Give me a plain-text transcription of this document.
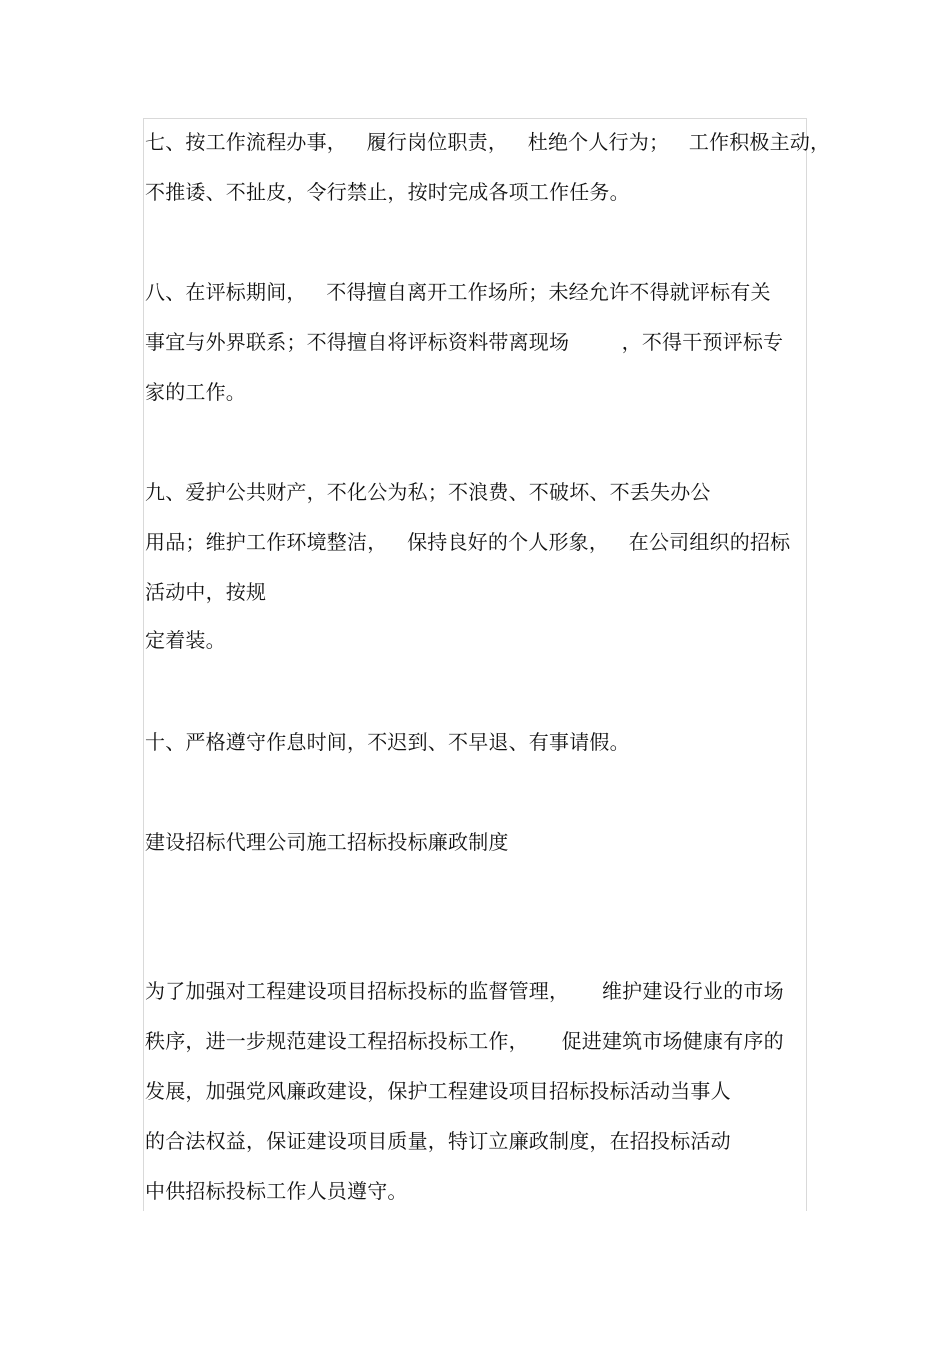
七、按工作流程办事，   履行岗位职责，   杜绝个人行为；   工作积极主动，
不推诿、不扯皮，令行禁止，按时完成各项工作任务。
八、在评标期间，   不得擅自离开工作场所；未经允许不得就评标有关
事宜与外界联系；不得擅自将评标资料带离现场        ，不得干预评标专
家的工作。
九、爱护公共财产，不化公为私；不浪费、不破坏、不丢失办公
用品；维护工作环境整洁，   保持良好的个人形象，   在公司组织的招标
活动中，按规
定着装。
十、严格遵守作息时间，不迟到、不早退、有事请假。
建设招标代理公司施工招标投标廉政制度
为了加强对工程建设项目招标投标的监督管理，     维护建设行业的市场
秩序，进一步规范建设工程招标投标工作，     促进建筑市场健康有序的
发展，加强党风廉政建设，保护工程建设项目招标投标活动当事人
的合法权益，保证建设项目质量，特订立廉政制度，在招投标活动
中供招标投标工作人员遵守。
